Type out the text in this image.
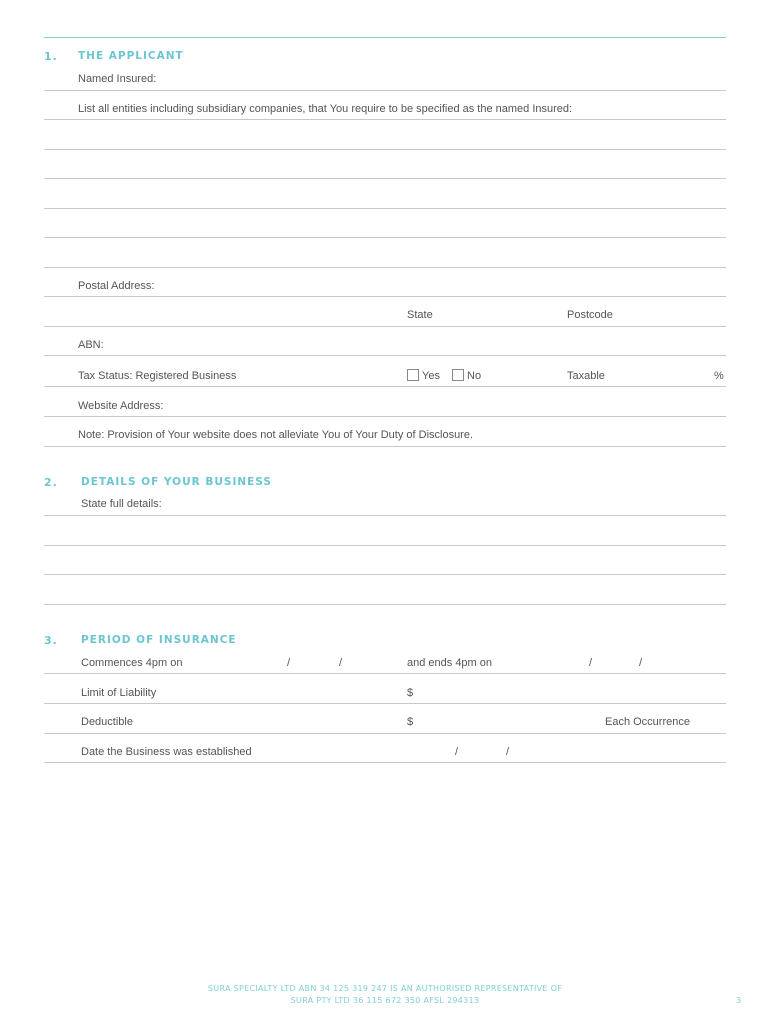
1. THE APPLICANT
Named Insured:
List all entities including subsidiary companies, that You require to be specified as the named Insured:
Postal Address:
State	Postcode
ABN:
Tax Status: Registered Business	Yes No	Taxable	%
Website Address:
Note: Provision of Your website does not alleviate You of Your Duty of Disclosure.
2. DETAILS OF YOUR BUSINESS
State full details:
3. PERIOD OF INSURANCE
Commences 4pm on	/	/	and ends 4pm on	/	/
Limit of Liability	$
Deductible	$	Each Occurrence
Date the Business was established	/	/
SURA SPECIALTY LTD ABN 34 125 319 247 IS AN AUTHORISED REPRESENTATIVE OF
SURA PTY LTD 36 115 672 350 AFSL 294313	3
